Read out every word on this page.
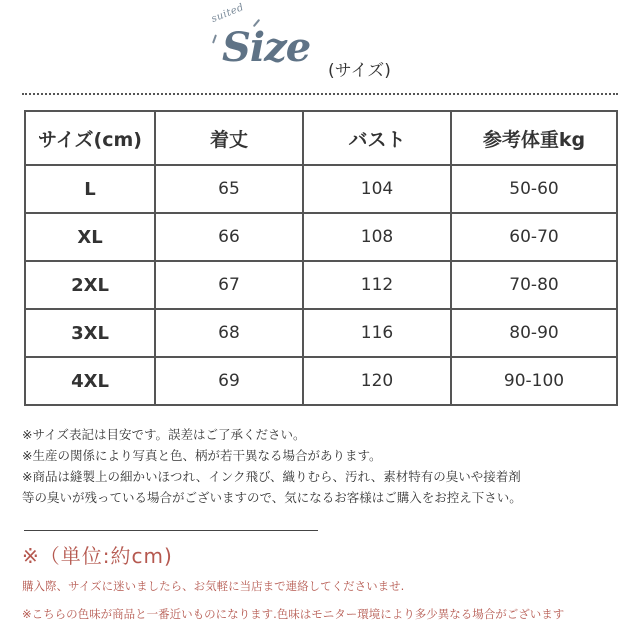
suited
Size (サイズ)
サイズ(cm)	着丈	バスト	参考体重kg
L	65	104	50-60
XL	66	108	60-70
2XL	67	112	70-80
3XL	68	116	80-90
4XL	69	120	90-100
※サイズ表記は目安です。誤差はご了承ください。
※生産の関係により写真と色、柄が若干異なる場合があります。
※商品は縫製上の細かいほつれ、インク飛び、織りむら、汚れ、素材特有の臭いや接着剤
等の臭いが残っている場合がございますので、気になるお客様はご購入をお控え下さい。
※（単位:約cm)
購入際、サイズに迷いましたら、お気軽に当店まで連絡してくださいませ.
※こちらの色味が商品と一番近いものになります.色味はモニター環境により多少異なる場合がございます
